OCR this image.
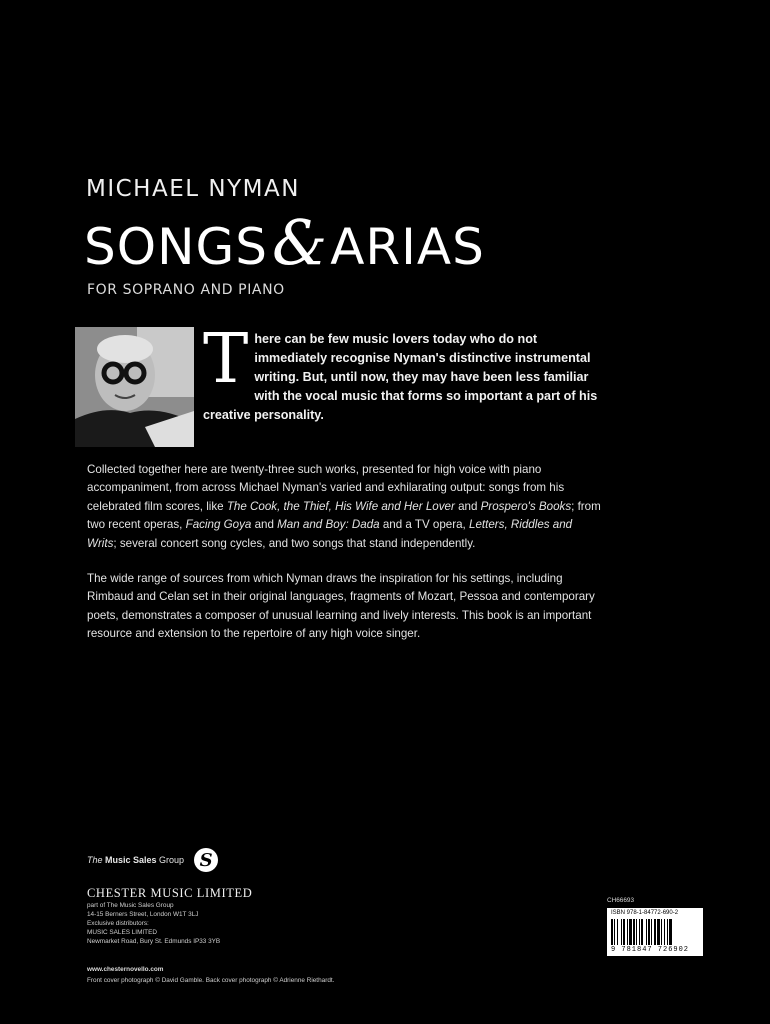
MICHAEL NYMAN
SONGS & ARIAS
FOR SOPRANO AND PIANO

There can be few music lovers today who do not immediately recognise Nyman's distinctive instrumental writing. But, until now, they may have been less familiar with the vocal music that forms so important a part of his creative personality.

Collected together here are twenty-three such works, presented for high voice with piano accompaniment, from across Michael Nyman's varied and exhilarating output: songs from his celebrated film scores, like The Cook, the Thief, His Wife and Her Lover and Prospero's Books; from two recent operas, Facing Goya and Man and Boy: Dada and a TV opera, Letters, Riddles and Writs; several concert song cycles, and two songs that stand independently.

The wide range of sources from which Nyman draws the inspiration for his settings, including Rimbaud and Celan set in their original languages, fragments of Mozart, Pessoa and contemporary poets, demonstrates a composer of unusual learning and lively interests. This book is an important resource and extension to the repertoire of any high voice singer.

The Music Sales Group S
CHESTER MUSIC LIMITED
part of The Music Sales Group
14-15 Berners Street, London W1T 3LJ
Exclusive distributors:
MUSIC SALES LIMITED
Newmarket Road, Bury St. Edmunds IP33 3YB
www.chesternovello.com
Front cover photograph © David Gamble. Back cover photograph © Adrienne Riethardt.
CH66693
ISBN 978-1-84772-690-2
9 781847 726902
